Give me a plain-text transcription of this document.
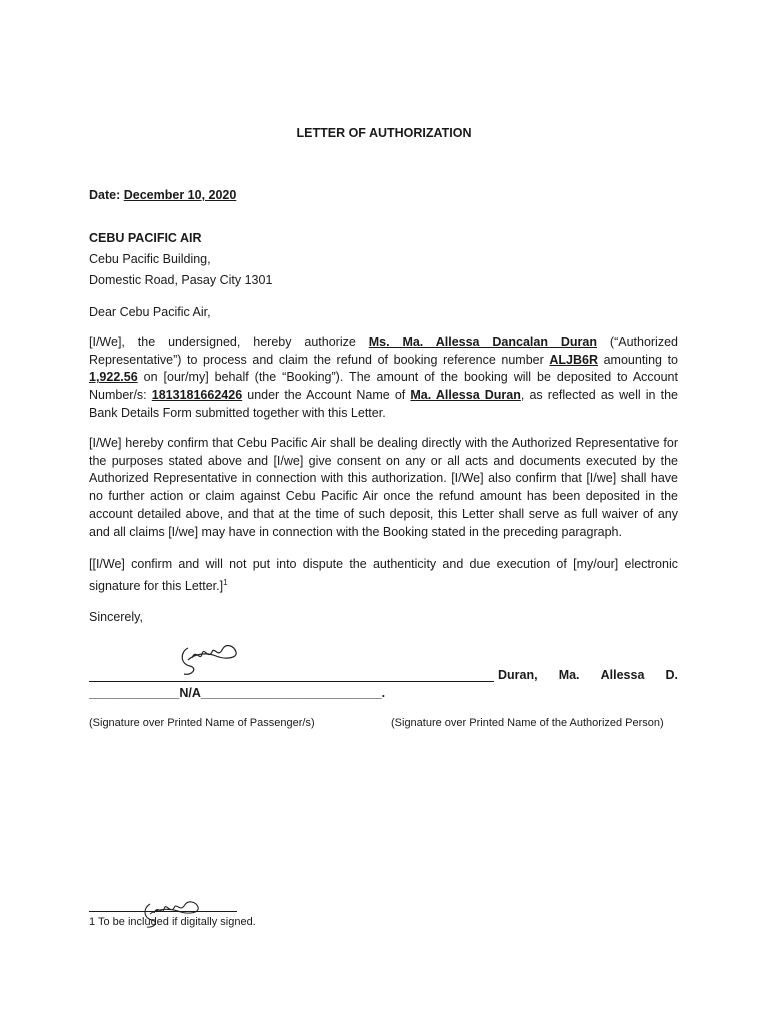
LETTER OF AUTHORIZATION
Date: December 10, 2020
CEBU PACIFIC AIR
Cebu Pacific Building,
Domestic Road, Pasay City 1301
Dear Cebu Pacific Air,
[I/We], the undersigned, hereby authorize Ms. Ma. Allessa Dancalan Duran (“Authorized Representative”) to process and claim the refund of booking reference number ALJB6R amounting to 1,922.56 on [our/my] behalf (the “Booking”). The amount of the booking will be deposited to Account Number/s: 1813181662426 under the Account Name of Ma. Allessa Duran, as reflected as well in the Bank Details Form submitted together with this Letter.
[I/We] hereby confirm that Cebu Pacific Air shall be dealing directly with the Authorized Representative for the purposes stated above and [I/we] give consent on any or all acts and documents executed by the Authorized Representative in connection with this authorization. [I/We] also confirm that [I/we] shall have no further action or claim against Cebu Pacific Air once the refund amount has been deposited in the account detailed above, and that at the time of such deposit, this Letter shall serve as full waiver of any and all claims [I/we] may have in connection with the Booking stated in the preceding paragraph.
[[I/We] confirm and will not put into dispute the authenticity and due execution of [my/our] electronic signature for this Letter.]$^1$
Sincerely,
Duran, Ma. Allessa D.
_____________N/A__________________________.
(Signature over Printed Name of Passenger/s)	(Signature over Printed Name of the Authorized Person)
1 To be included if digitally signed.
